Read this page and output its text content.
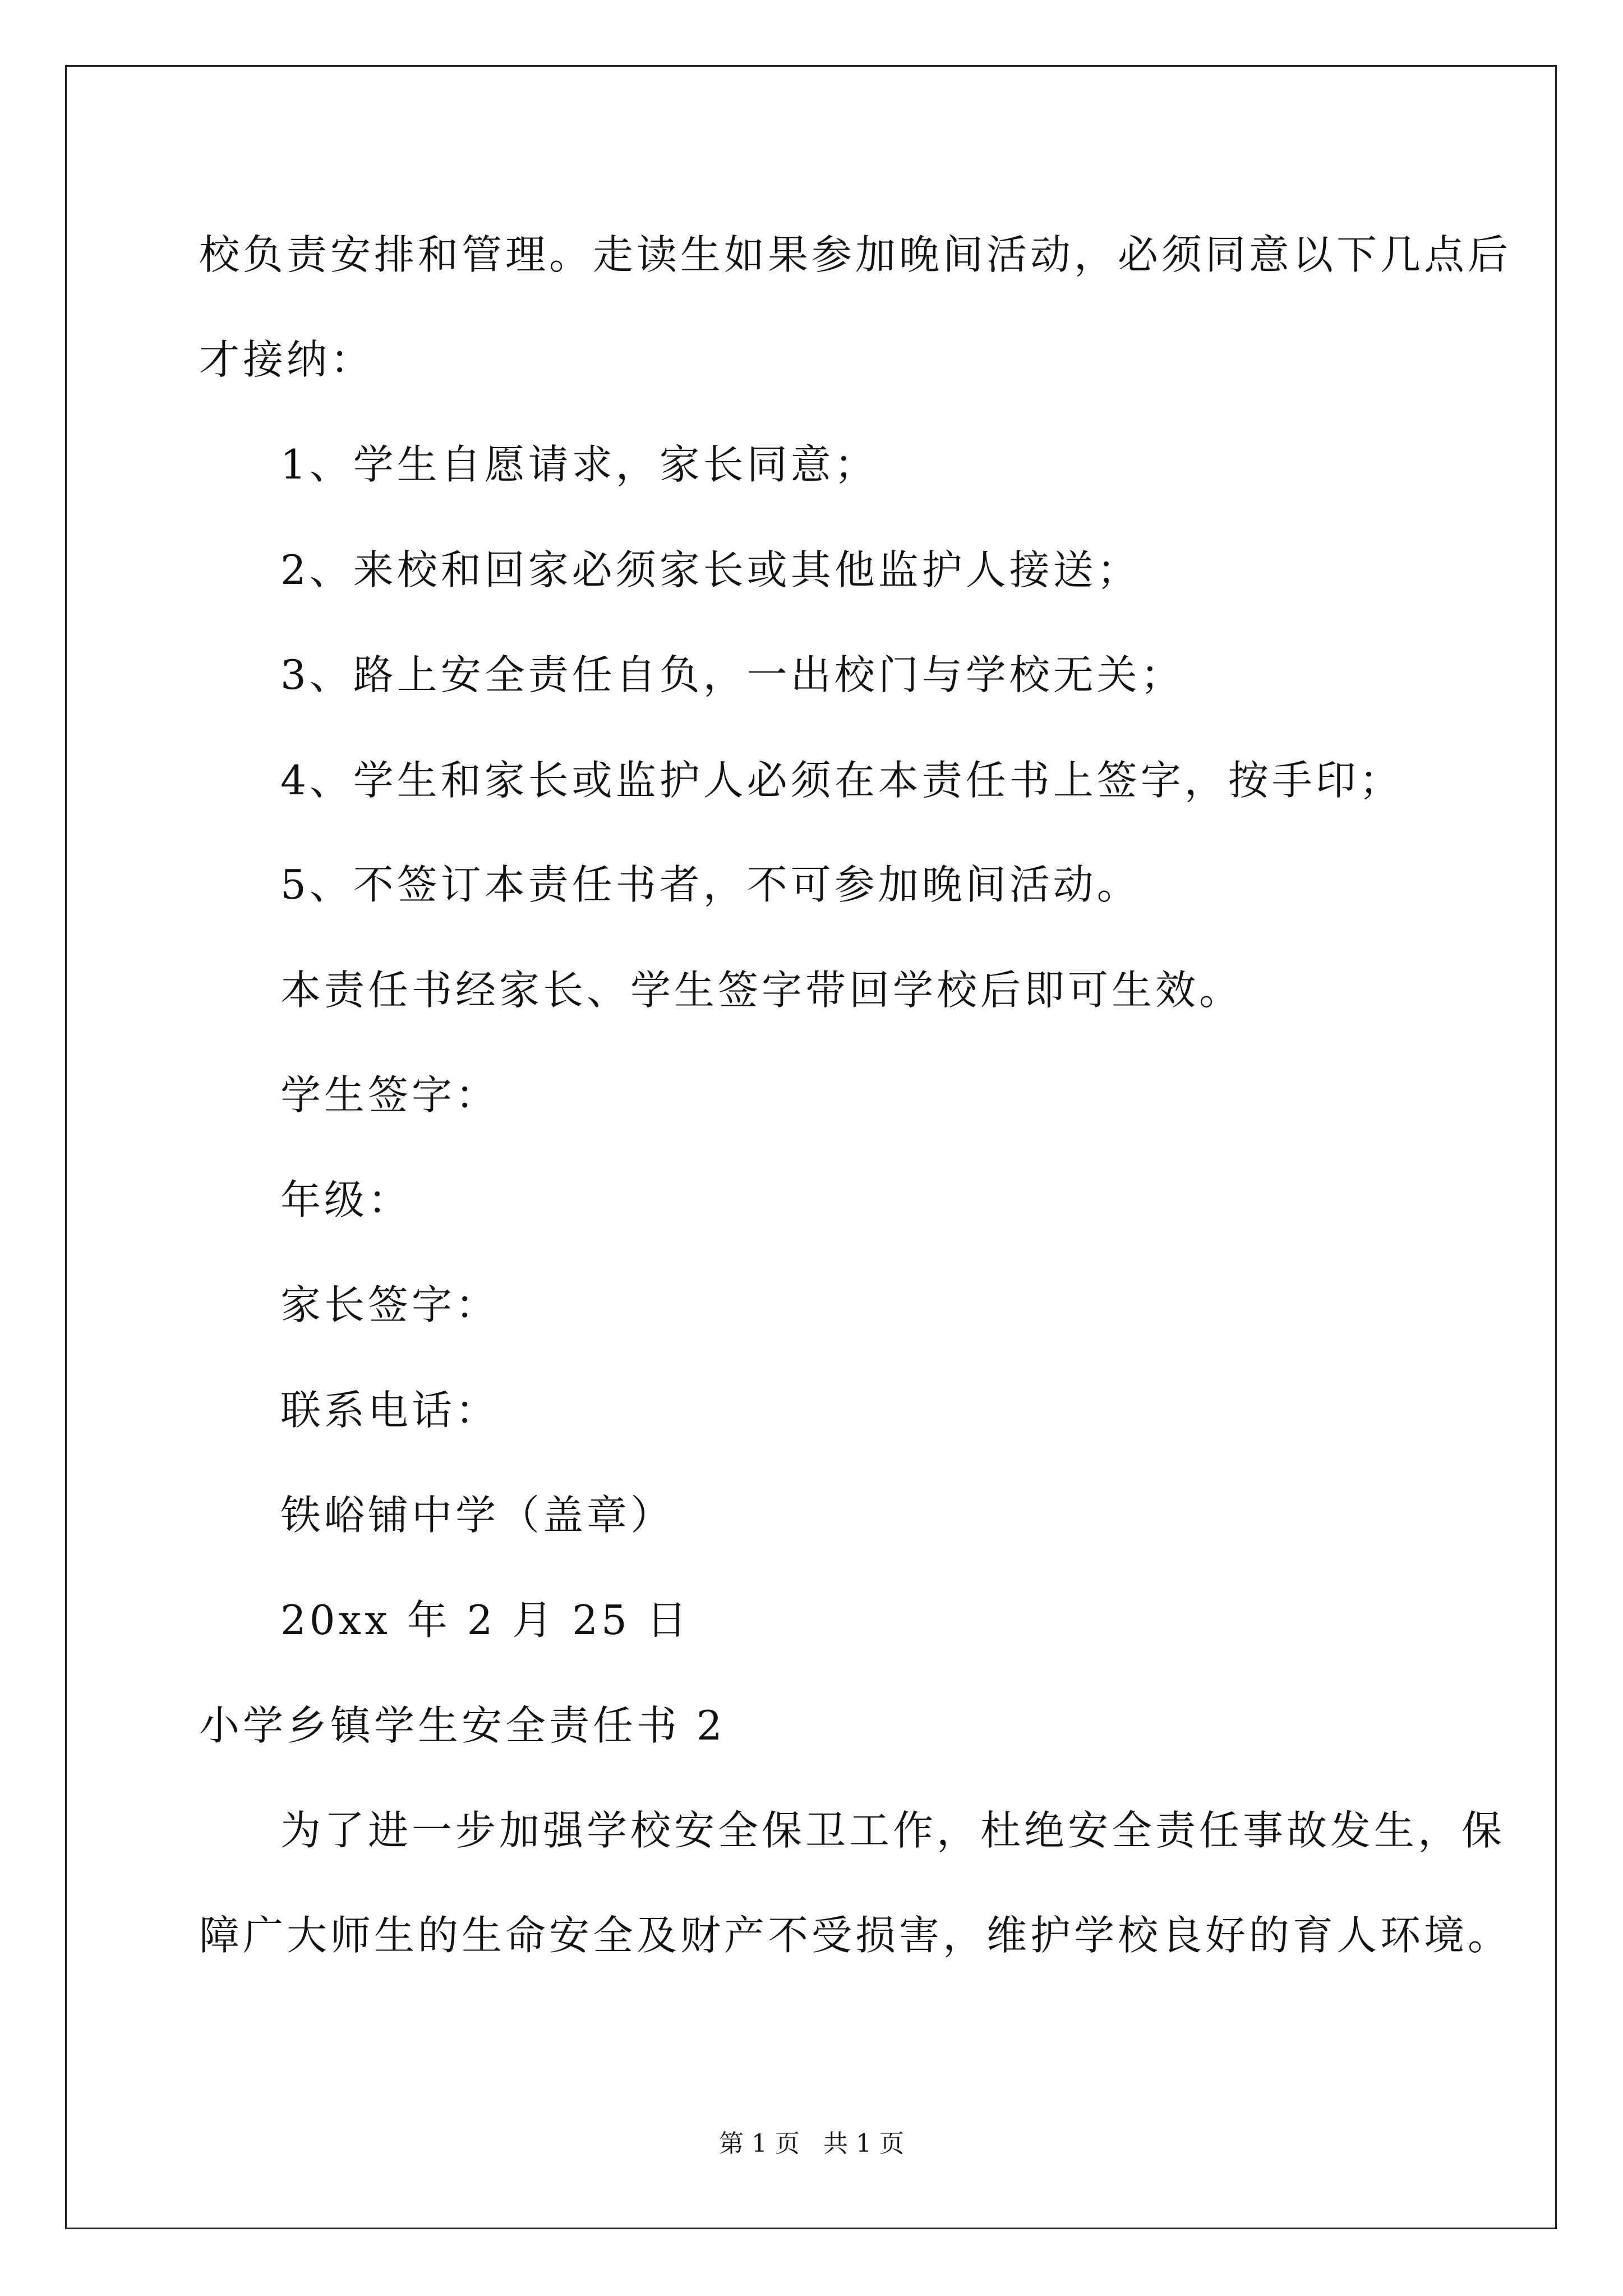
校负责安排和管理。走读生如果参加晚间活动，必须同意以下几点后
才接纳：
1、学生自愿请求，家长同意；
2、来校和回家必须家长或其他监护人接送；
3、路上安全责任自负，一出校门与学校无关；
4、学生和家长或监护人必须在本责任书上签字，按手印；
5、不签订本责任书者，不可参加晚间活动。
本责任书经家长、学生签字带回学校后即可生效。
学生签字：
年级：
家长签字：
联系电话：
铁峪铺中学（盖章）
20xx 年 2 月 25 日
小学乡镇学生安全责任书 2
为了进一步加强学校安全保卫工作，杜绝安全责任事故发生，保
障广大师生的生命安全及财产不受损害，维护学校良好的育人环境。
第 1 页   共 1 页
